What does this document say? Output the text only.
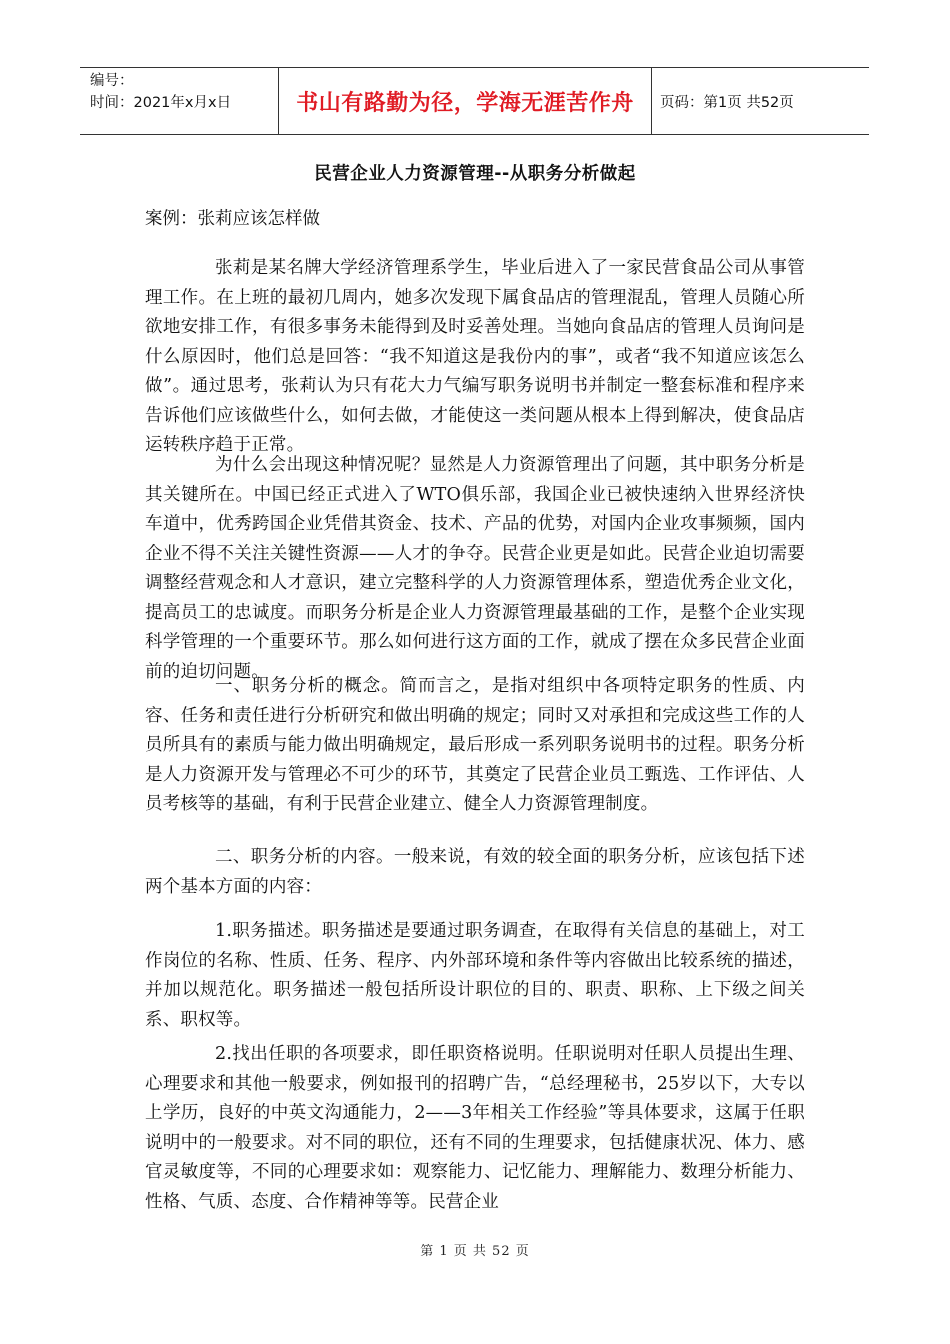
编号：
时间：2021年x月x日	书山有路勤为径，学海无涯苦作舟 页码：第1页 共52页
民营企业人力资源管理--从职务分析做起
案例：张莉应该怎样做

张莉是某名牌大学经济管理系学生，毕业后进入了一家民营食品公司从事管理工作。在上班的最初几周内，她多次发现下属食品店的管理混乱，管理人员随心所欲地安排工作，有很多事务未能得到及时妥善处理。当她向食品店的管理人员询问是什么原因时，他们总是回答：“我不知道这是我份内的事”，或者“我不知道应该怎么做”。通过思考，张莉认为只有花大力气编写职务说明书并制定一整套标准和程序来告诉他们应该做些什么，如何去做，才能使这一类问题从根本上得到解决，使食品店运转秩序趋于正常。

为什么会出现这种情况呢？显然是人力资源管理出了问题，其中职务分析是其关键所在。中国已经正式进入了WTO俱乐部，我国企业已被快速纳入世界经济快车道中，优秀跨国企业凭借其资金、技术、产品的优势，对国内企业攻事频频，国内企业不得不关注关键性资源——人才的争夺。民营企业更是如此。民营企业迫切需要调整经营观念和人才意识，建立完整科学的人力资源管理体系，塑造优秀企业文化，提高员工的忠诚度。而职务分析是企业人力资源管理最基础的工作，是整个企业实现科学管理的一个重要环节。那么如何进行这方面的工作，就成了摆在众多民营企业面前的迫切问题。

一、职务分析的概念。简而言之，是指对组织中各项特定职务的性质、内容、任务和责任进行分析研究和做出明确的规定；同时又对承担和完成这些工作的人员所具有的素质与能力做出明确规定，最后形成一系列职务说明书的过程。职务分析是人力资源开发与管理必不可少的环节，其奠定了民营企业员工甄选、工作评估、人员考核等的基础，有利于民营企业建立、健全人力资源管理制度。

二、职务分析的内容。一般来说，有效的较全面的职务分析，应该包括下述两个基本方面的内容：

1.职务描述。职务描述是要通过职务调查，在取得有关信息的基础上，对工作岗位的名称、性质、任务、程序、内外部环境和条件等内容做出比较系统的描述，并加以规范化。职务描述一般包括所设计职位的目的、职责、职称、上下级之间关系、职权等。

2.找出任职的各项要求，即任职资格说明。任职说明对任职人员提出生理、心理要求和其他一般要求，例如报刊的招聘广告，“总经理秘书，25岁以下，大专以上学历，良好的中英文沟通能力，2——3年相关工作经验”等具体要求，这属于任职说明中的一般要求。对不同的职位，还有不同的生理要求，包括健康状况、体力、感官灵敏度等，不同的心理要求如：观察能力、记忆能力、理解能力、数理分析能力、性格、气质、态度、合作精神等等。民营企业

第 1 页 共 52 页
